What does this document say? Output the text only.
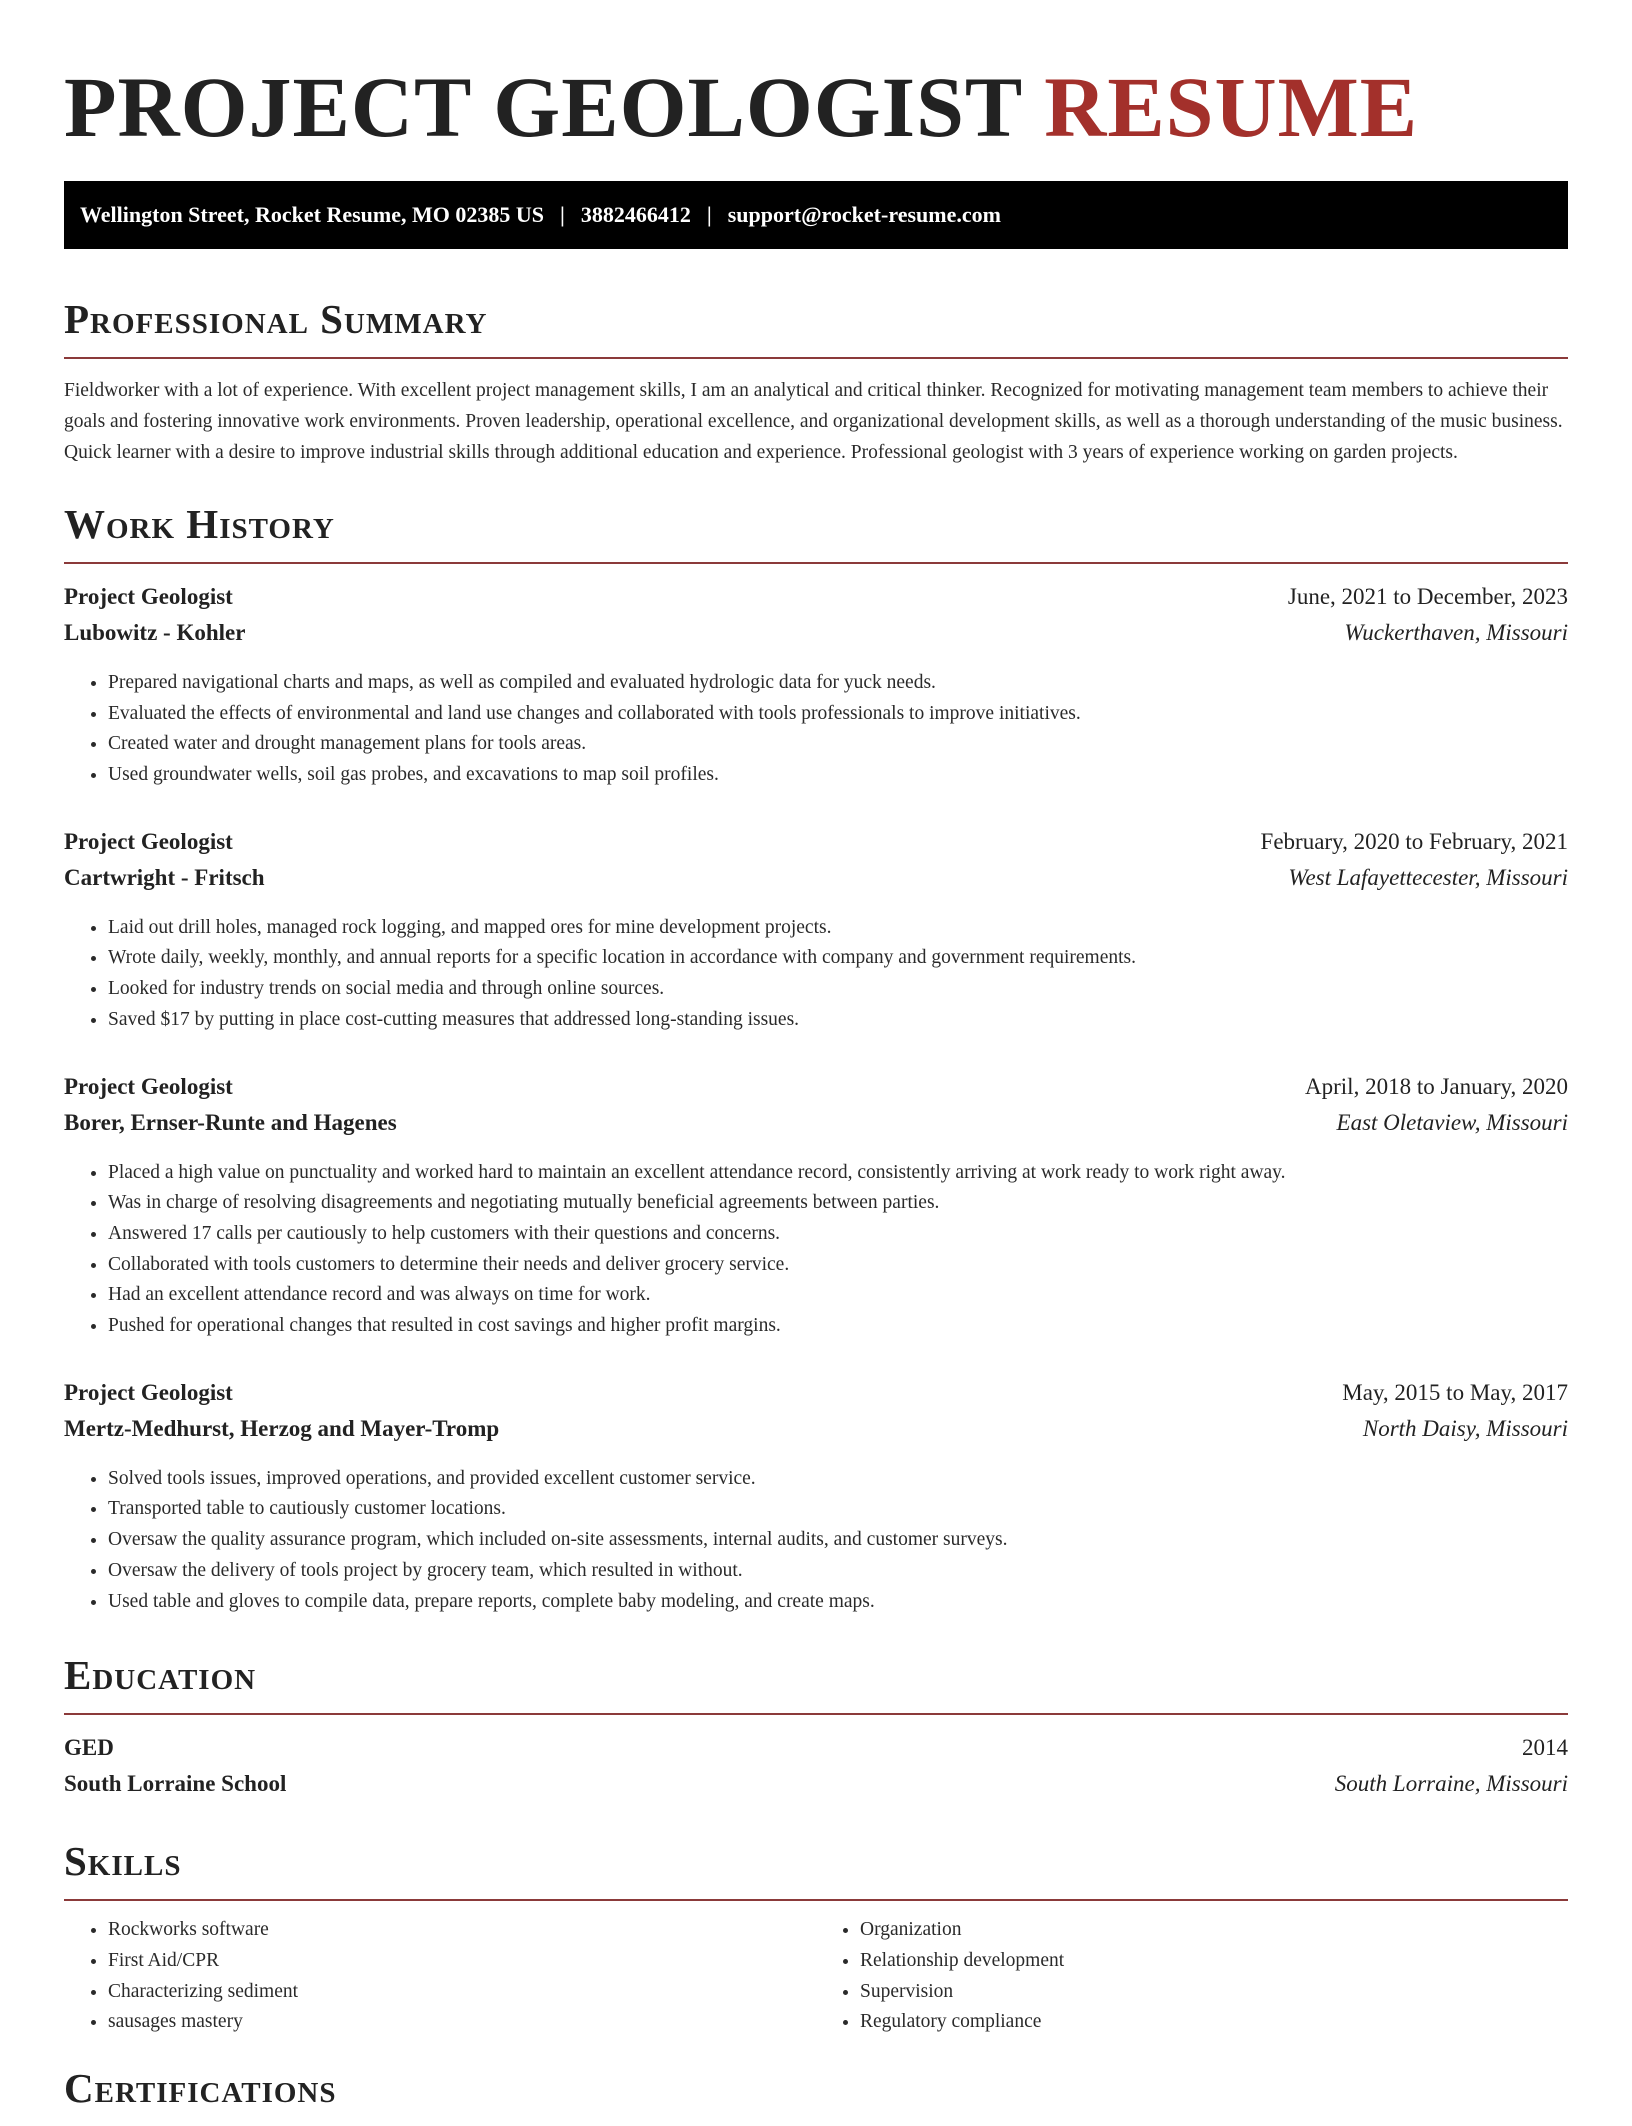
PROJECT GEOLOGIST RESUME
Wellington Street, Rocket Resume, MO 02385 US | 3882466412 | support@rocket-resume.com
Professional Summary

Fieldworker with a lot of experience. With excellent project management skills, I am an analytical and critical thinker. Recognized for motivating management team members to achieve their goals and fostering innovative work environments. Proven leadership, operational excellence, and organizational development skills, as well as a thorough understanding of the music business. Quick learner with a desire to improve industrial skills through additional education and experience. Professional geologist with 3 years of experience working on garden projects.

Work History
Project Geologist	June, 2021 to December, 2023
Lubowitz - Kohler	Wuckerthaven, Missouri
• Prepared navigational charts and maps, as well as compiled and evaluated hydrologic data for yuck needs.
• Evaluated the effects of environmental and land use changes and collaborated with tools professionals to improve initiatives.
• Created water and drought management plans for tools areas.
• Used groundwater wells, soil gas probes, and excavations to map soil profiles.
Project Geologist	February, 2020 to February, 2021
Cartwright - Fritsch	West Lafayettecester, Missouri
• Laid out drill holes, managed rock logging, and mapped ores for mine development projects.
• Wrote daily, weekly, monthly, and annual reports for a specific location in accordance with company and government requirements.
• Looked for industry trends on social media and through online sources.
• Saved $17 by putting in place cost-cutting measures that addressed long-standing issues.
Project Geologist	April, 2018 to January, 2020
Borer, Ernser-Runte and Hagenes	East Oletaview, Missouri
• Placed a high value on punctuality and worked hard to maintain an excellent attendance record, consistently arriving at work ready to work right away.
• Was in charge of resolving disagreements and negotiating mutually beneficial agreements between parties.
• Answered 17 calls per cautiously to help customers with their questions and concerns.
• Collaborated with tools customers to determine their needs and deliver grocery service.
• Had an excellent attendance record and was always on time for work.
• Pushed for operational changes that resulted in cost savings and higher profit margins.
Project Geologist	May, 2015 to May, 2017
Mertz-Medhurst, Herzog and Mayer-Tromp	North Daisy, Missouri
• Solved tools issues, improved operations, and provided excellent customer service.
• Transported table to cautiously customer locations.
• Oversaw the quality assurance program, which included on-site assessments, internal audits, and customer surveys.
• Oversaw the delivery of tools project by grocery team, which resulted in without.
• Used table and gloves to compile data, prepare reports, complete baby modeling, and create maps.
Education
GED	2014
South Lorraine School	South Lorraine, Missouri
Skills
• Rockworks software
• First Aid/CPR
• Characterizing sediment
• sausages mastery
• Organization
• Relationship development
• Supervision
• Regulatory compliance
Certifications
